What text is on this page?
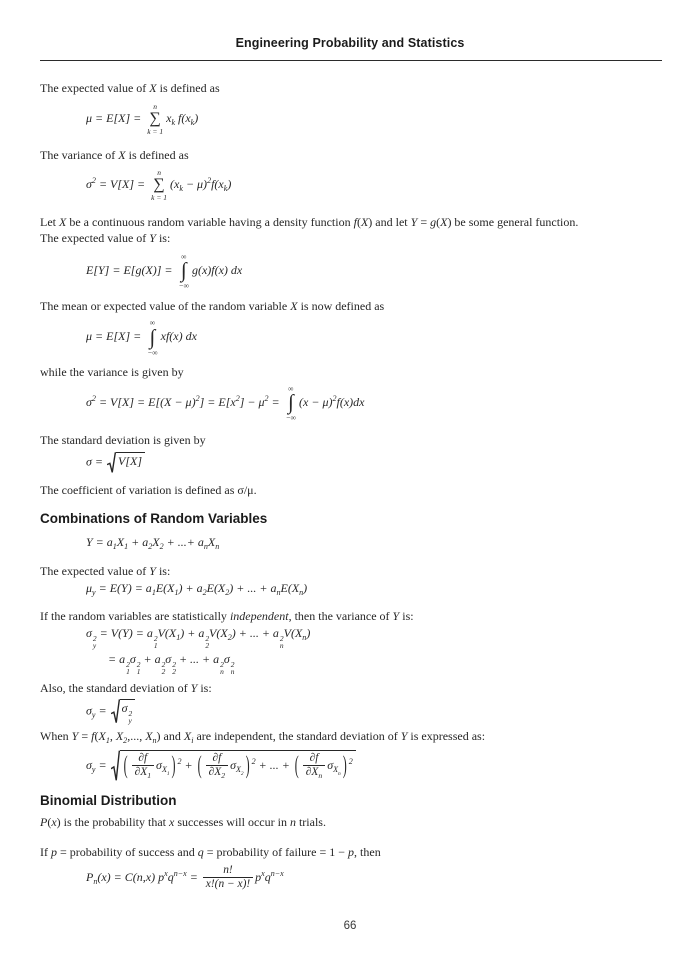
Engineering Probability and Statistics

The expected value of X is defined as

μ = E[X] =
n
∑
k = 1
$x_k$ $f(x_k)$

The variance of X is defined as

$\sigma^2 = V[X]$ =
n
∑
k = 1
$(x_k - \mu)^2f(x_k)$

Let X be a continuous random variable having a density function f(X) and let Y = g(X) be some general function.

The expected value of Y is:

E[Y] = E[g(X)] =
∞
∫
−∞
g(x)f(x) dx

The mean or expected value of the random variable X is now defined as

μ = E[X] =
∞
∫
−∞
xf(x) dx

while the variance is given by

$\sigma^2 = V[X] = E[(X - \mu)^2] = E[x^2] - \mu^2$ =
∞
∫
−∞
$(x - \mu)^2f(x)dx$

The standard deviation is given by

σ = V[X]

The coefficient of variation is defined as σ/μ.

Combinations of Random Variables
$Y = a_1X_1 + a_2X_2$ + ...+ $a_nX_n$

The expected value of Y is:

$\mu_y = E(Y) = a_1E(X_1) + a_2E(X_2)$ + ... + $a_nE(X_n)$

If the random variables are statistically independent, then the variance of Y is:

σ 2
y
= V(Y) = a 2
1
$V(X_1) + a$ 2
2
$V(X_2)$ + ... + a 2
n
$V(X_n)$
= a 2
1
σ 2
1
+ a 2
2
σ 2
2
+ ... + a 2
n
σ 2
n

Also, the standard deviation of Y is:

$\sigma_y = \sigma$ 2
y

When $Y = f(X_1$, $X_2$,..., $X_n$) and $X_i$ are independent, the standard deviation of Y is expressed as:

$\sigma_y$ =	( $\frac{\partial f}{\partial X_1} \sigma_{X_1}$ ) $^2$ + ( $\frac{\partial f}{\partial X_2} \sigma_{X_2}$ ) $^2$ + ... + ( $\frac{\partial f}{\partial X_n} \sigma_{X_n}$ ) $^2$
Binomial Distribution

P(x) is the probability that x successes will occur in n trials.

If p = probability of success and q = probability of failure = 1 − p, then

$P_n(x) = C(n,x) p^xq^{n-x} = \frac{n!}{x!(n - x)!} p^xq^{n-x}$
66
